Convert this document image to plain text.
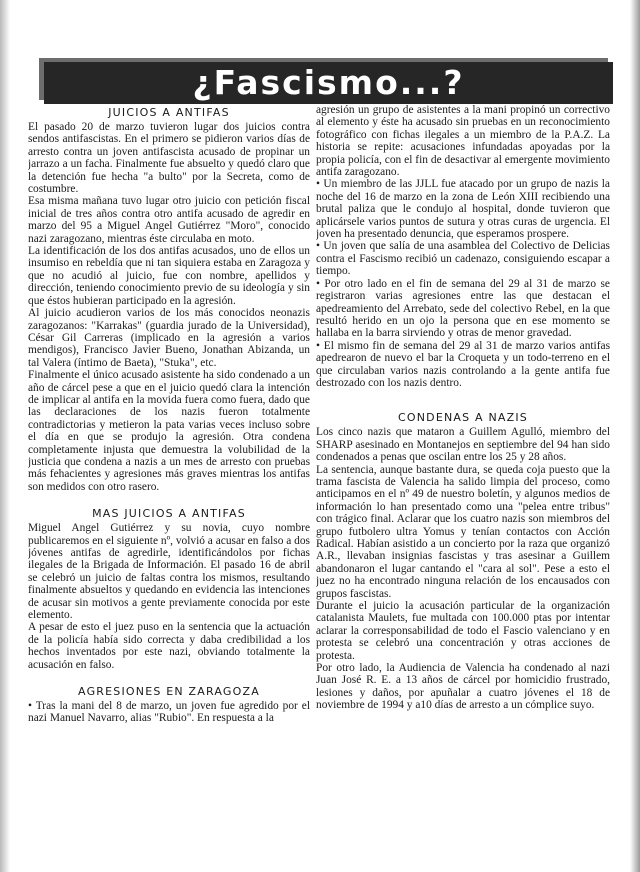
¿Fascismo...?
JUICIOS A ANTIFAS

El pasado 20 de marzo tuvieron lugar dos juicios contra sendos antifascistas. En el primero se pidieron varios días de arresto contra un joven antifascista acusado de propinar un jarrazo a un facha. Finalmente fue absuelto y quedó claro que la detención fue hecha "a bulto" por la Secreta, como de costumbre.

Esa misma mañana tuvo lugar otro juicio con petición fiscal inicial de tres años contra otro antifa acusado de agredir en marzo del 95 a Miguel Angel Gutiérrez "Moro", conocido nazi zaragozano, mientras éste circulaba en moto.

La identificación de los dos antifas acusados, uno de ellos un insumiso en rebeldía que ni tan siquiera estaba en Zaragoza y que no acudió al juicio, fue con nombre, apellidos y dirección, teniendo conocimiento previo de su ideología y sin que éstos hubieran participado en la agresión.

Al juicio acudieron varios de los más conocidos neonazis zaragozanos: "Karrakas" (guardia jurado de la Universidad), César Gil Carreras (implicado en la agresión a varios mendigos), Francisco Javier Bueno, Jonathan Abizanda, un tal Valera (íntimo de Baeta), "Stuka", etc.

Finalmente el único acusado asistente ha sido condenado a un año de cárcel pese a que en el juicio quedó clara la intención de implicar al antifa en la movida fuera como fuera, dado que las declaraciones de los nazis fueron totalmente contradictorias y metieron la pata varias veces incluso sobre el día en que se produjo la agresión. Otra condena completamente injusta que demuestra la volubilidad de la justicia que condena a nazis a un mes de arresto con pruebas más fehacientes y agresiones más graves mientras los antifas son medidos con otro rasero.

MAS JUICIOS A ANTIFAS

Miguel Angel Gutiérrez y su novia, cuyo nombre publicaremos en el siguiente nº, volvió a acusar en falso a dos jóvenes antifas de agredirle, identificándolos por fichas ilegales de la Brigada de Información. El pasado 16 de abril se celebró un juicio de faltas contra los mismos, resultando finalmente absueltos y quedando en evidencia las intenciones de acusar sin motivos a gente previamente conocida por este elemento.

A pesar de esto el juez puso en la sentencia que la actuación de la policía había sido correcta y daba credibilidad a los hechos inventados por este nazi, obviando totalmente la acusación en falso.

AGRESIONES EN ZARAGOZA

• Tras la mani del 8 de marzo, un joven fue agredido por el nazi Manuel Navarro, alias "Rubio". En respuesta a la

agresión un grupo de asistentes a la mani propinó un correctivo al elemento y éste ha acusado sin pruebas en un reconocimiento fotográfico con fichas ilegales a un miembro de la P.A.Z. La historia se repite: acusaciones infundadas apoyadas por la propia policía, con el fin de desactivar al emergente movimiento antifa zaragozano.

• Un miembro de las JJLL fue atacado por un grupo de nazis la noche del 16 de marzo en la zona de León XIII recibiendo una brutal paliza que le condujo al hospital, donde tuvieron que aplicársele varios puntos de sutura y otras curas de urgencia. El joven ha presentado denuncia, que esperamos prospere.

• Un joven que salía de una asamblea del Colectivo de Delicias contra el Fascismo recibió un cadenazo, consiguiendo escapar a tiempo.

• Por otro lado en el fin de semana del 29 al 31 de marzo se registraron varias agresiones entre las que destacan el apedreamiento del Arrebato, sede del colectivo Rebel, en la que resultó herido en un ojo la persona que en ese momento se hallaba en la barra sirviendo y otras de menor gravedad.

• El mismo fin de semana del 29 al 31 de marzo varios antifas apedrearon de nuevo el bar la Croqueta y un todo-terreno en el que circulaban varios nazis controlando a la gente antifa fue destrozado con los nazis dentro.

CONDENAS A NAZIS

Los cinco nazis que mataron a Guillem Agulló, miembro del SHARP asesinado en Montanejos en septiembre del 94 han sido condenados a penas que oscilan entre los 25 y 28 años.

La sentencia, aunque bastante dura, se queda coja puesto que la trama fascista de Valencia ha salido limpia del proceso, como anticipamos en el nº 49 de nuestro boletín, y algunos medios de información lo han presentado como una "pelea entre tribus" con trágico final. Aclarar que los cuatro nazis son miembros del grupo futbolero ultra Yomus y tenían contactos con Acción Radical. Habían asistido a un concierto por la raza que organizó A.R., llevaban insignias fascistas y tras asesinar a Guillem abandonaron el lugar cantando el "cara al sol". Pese a esto el juez no ha encontrado ninguna relación de los encausados con grupos fascistas.

Durante el juicio la acusación particular de la organización catalanista Maulets, fue multada con 100.000 ptas por intentar aclarar la corresponsabilidad de todo el Fascio valenciano y en protesta se celebró una concentración y otras acciones de protesta.

Por otro lado, la Audiencia de Valencia ha condenado al nazi Juan José R. E. a 13 años de cárcel por homicidio frustrado, lesiones y daños, por apuñalar a cuatro jóvenes el 18 de noviembre de 1994 y a10 días de arresto a un cómplice suyo.
